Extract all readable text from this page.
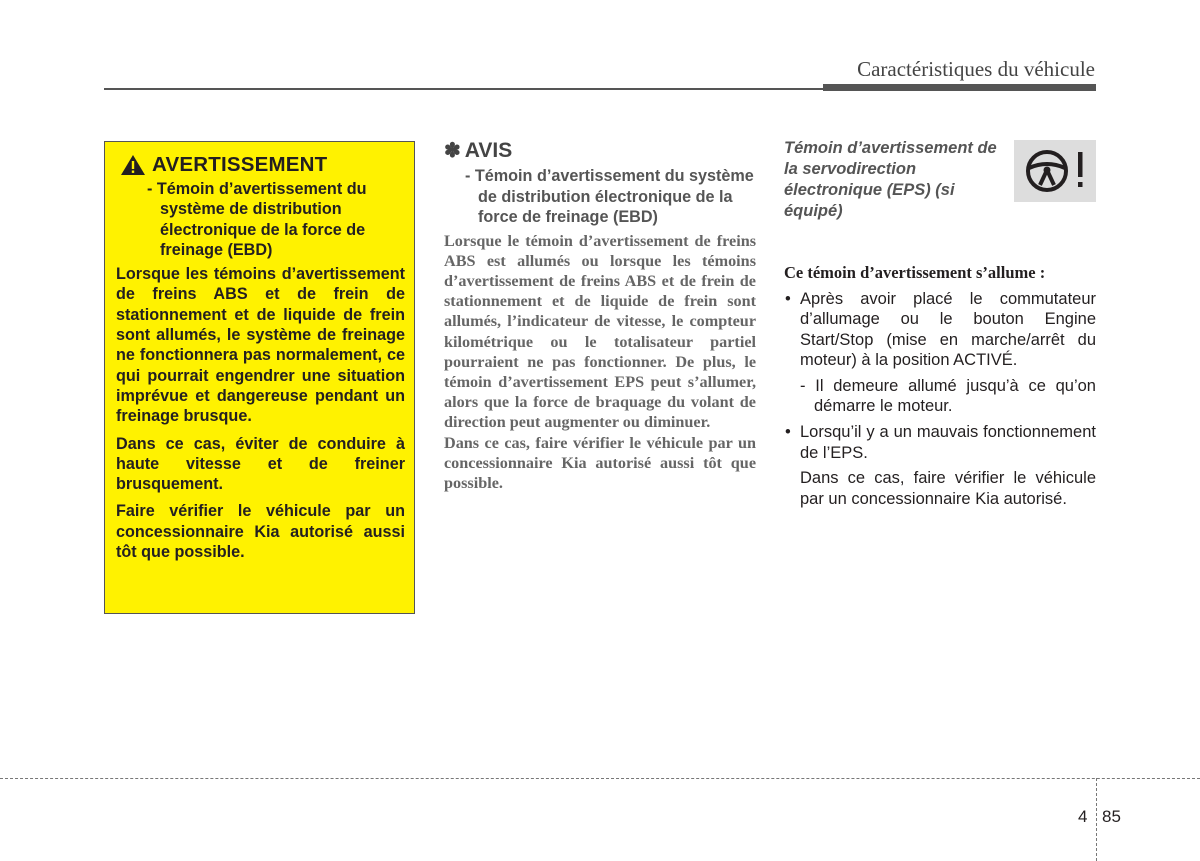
Caractéristiques du véhicule
AVERTISSEMENT
- Témoin d’avertissement du système de distribution électronique de la force de freinage (EBD)
Lorsque les témoins d’avertissement de freins ABS et de frein de stationnement et de liquide de frein sont allumés, le système de freinage ne fonctionnera pas normalement, ce qui pourrait engendrer une situation imprévue et dangereuse pendant un freinage brusque.
Dans ce cas, éviter de conduire à haute vitesse et de freiner brusquement.
Faire vérifier le véhicule par un concessionnaire Kia autorisé aussi tôt que possible.
✽ AVIS
- Témoin d’avertissement du système de distribution électronique de la force de freinage (EBD)
Lorsque le témoin d’avertissement de freins ABS est allumés ou lorsque les témoins d’avertissement de freins ABS et de frein de stationnement et de liquide de frein sont allumés, l’indicateur de vitesse, le compteur kilométrique ou le totalisateur partiel pourraient ne pas fonctionner. De plus, le témoin d’avertissement EPS peut s’allumer, alors que la force de braquage du volant de direction peut augmenter ou diminuer.
Dans ce cas, faire vérifier le véhicule par un concessionnaire Kia autorisé aussi tôt que possible.
Témoin d’avertissement de la servodirection électronique (EPS) (si équipé)
Ce témoin d’avertissement s’allume :
• Après avoir placé le commutateur d’allumage ou le bouton Engine Start/Stop (mise en marche/arrêt du moteur) à la position ACTIVÉ.
- Il demeure allumé jusqu’à ce qu’on démarre le moteur.
• Lorsqu’il y a un mauvais fonctionnement de l’EPS.
Dans ce cas, faire vérifier le véhicule par un concessionnaire Kia autorisé.
4 85
